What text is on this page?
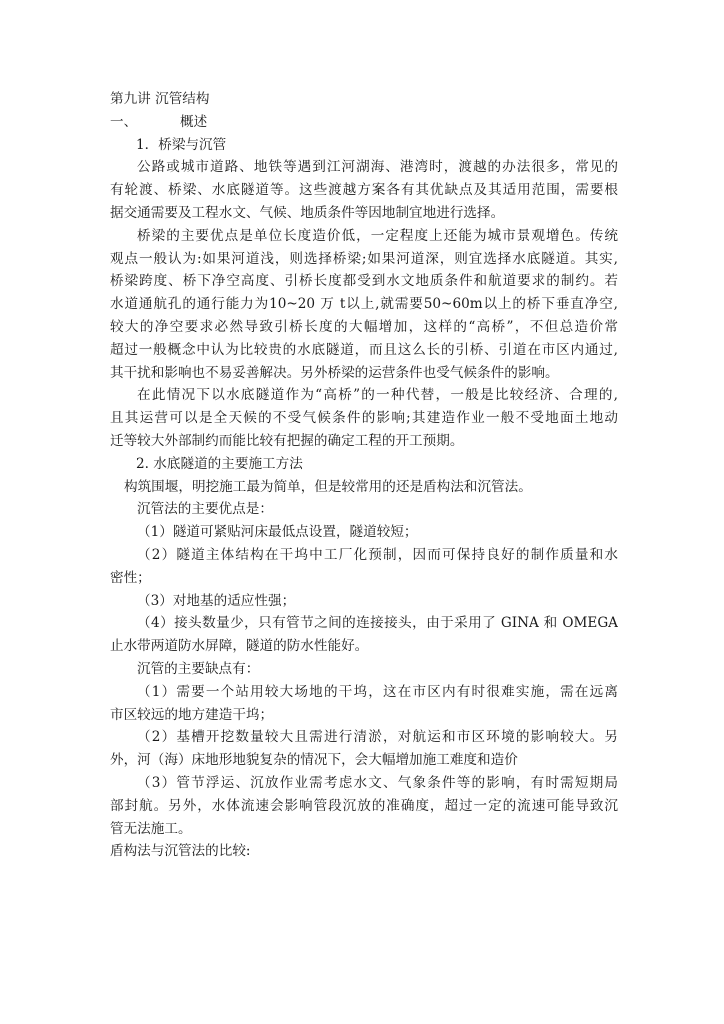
第九讲 沉管结构
一、	概述
1．桥梁与沉管
公路或城市道路、地铁等遇到江河湖海、港湾时，渡越的办法很多，常见的
有轮渡、桥梁、水底隧道等。这些渡越方案各有其优缺点及其适用范围，需要根
据交通需要及工程水文、气候、地质条件等因地制宜地进行选择。
桥梁的主要优点是单位长度造价低，一定程度上还能为城市景观增色。传统
观点一般认为:如果河道浅，则选择桥梁;如果河道深，则宜选择水底隧道。其实,
桥梁跨度、桥下净空高度、引桥长度都受到水文地质条件和航道要求的制约。若
水道通航孔的通行能力为10~20 万 t以上,就需要50~60m以上的桥下垂直净空,
较大的净空要求必然导致引桥长度的大幅增加，这样的“高桥”，不但总造价常
超过一般概念中认为比较贵的水底隧道，而且这么长的引桥、引道在市区内通过,
其干扰和影响也不易妥善解决。另外桥梁的运营条件也受气候条件的影响。
在此情况下以水底隧道作为“高桥”的一种代替，一般是比较经济、合理的,
且其运营可以是全天候的不受气候条件的影响;其建造作业一般不受地面土地动
迁等较大外部制约而能比较有把握的确定工程的开工预期。
2. 水底隧道的主要施工方法
构筑围堰，明挖施工最为简单，但是较常用的还是盾构法和沉管法。
沉管法的主要优点是：
（1）隧道可紧贴河床最低点设置，隧道较短；
（2）隧道主体结构在干坞中工厂化预制，因而可保持良好的制作质量和水
密性；
（3）对地基的适应性强；
（4）接头数量少，只有管节之间的连接接头，由于采用了 GINA 和 OMEGA
止水带两道防水屏障，隧道的防水性能好。
沉管的主要缺点有：
（1）需要一个站用较大场地的干坞，这在市区内有时很难实施，需在远离
市区较远的地方建造干坞；
（2）基槽开挖数量较大且需进行清淤，对航运和市区环境的影响较大。另
外，河（海）床地形地貌复杂的情况下，会大幅增加施工难度和造价
（3）管节浮运、沉放作业需考虑水文、气象条件等的影响，有时需短期局
部封航。另外，水体流速会影响管段沉放的准确度，超过一定的流速可能导致沉
管无法施工。
盾构法与沉管法的比较:
